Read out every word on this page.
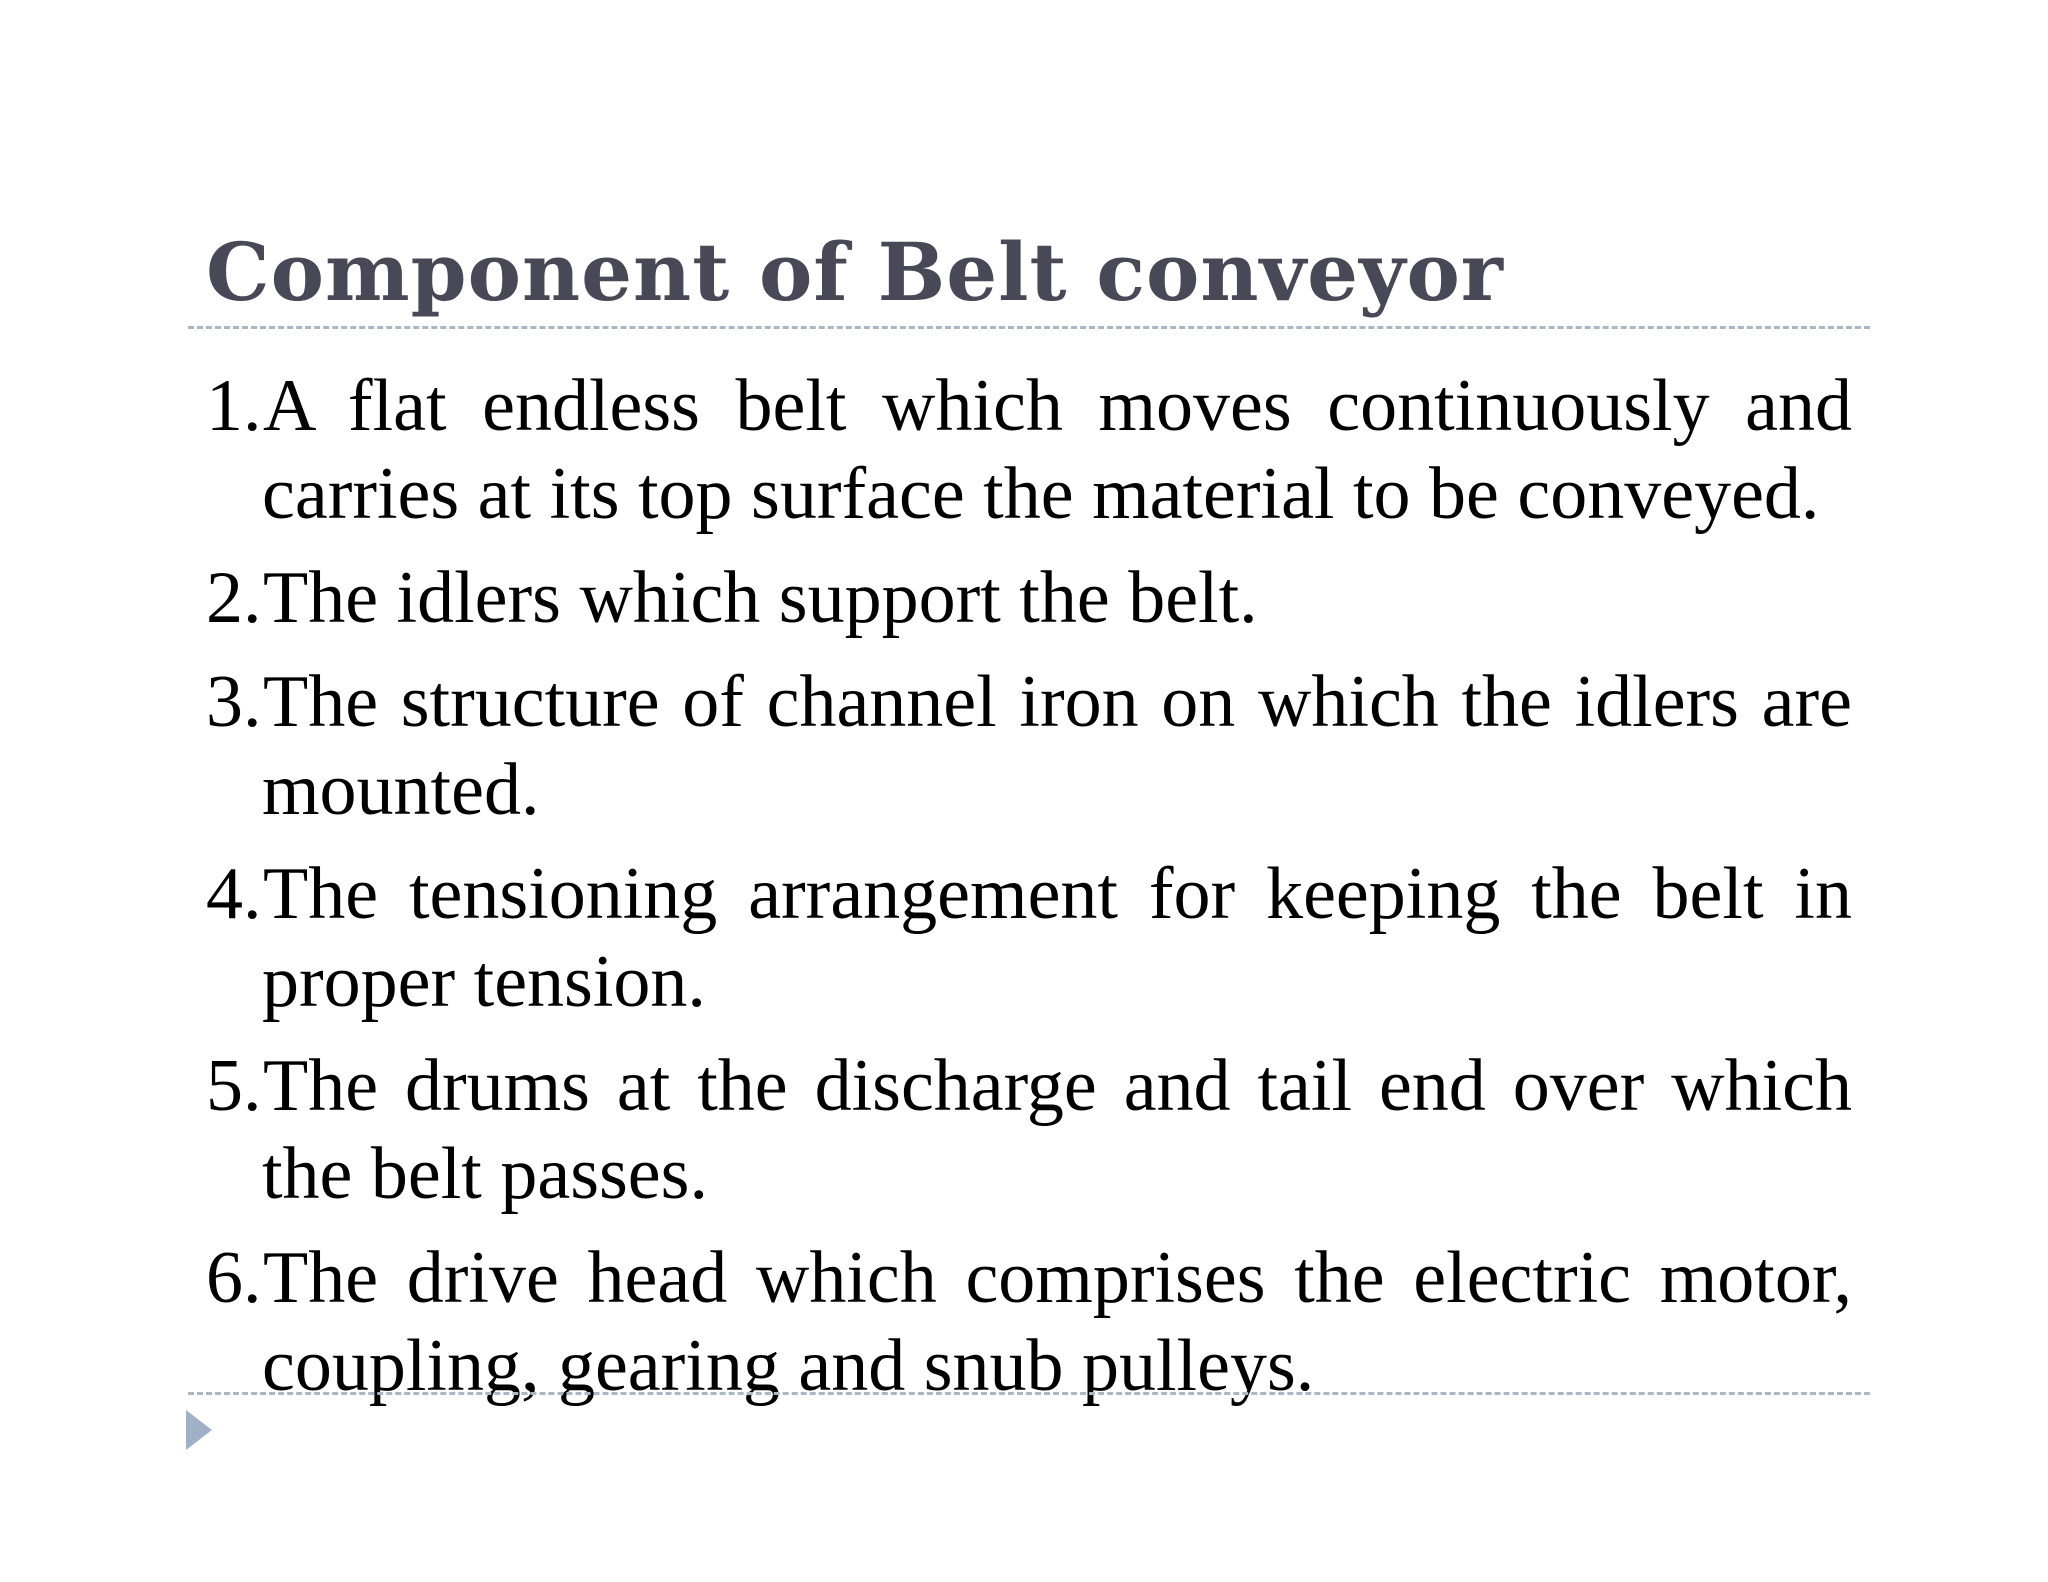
Component of Belt conveyor
1. A flat endless belt which moves continuously and carries at its top surface the material to be conveyed.
2. The idlers which support the belt.
3. The structure of channel iron on which the idlers are mounted.
4. The tensioning arrangement for keeping the belt in proper tension.
5. The drums at the discharge and tail end over which the belt passes.
6. The drive head which comprises the electric motor, coupling, gearing and snub pulleys.
